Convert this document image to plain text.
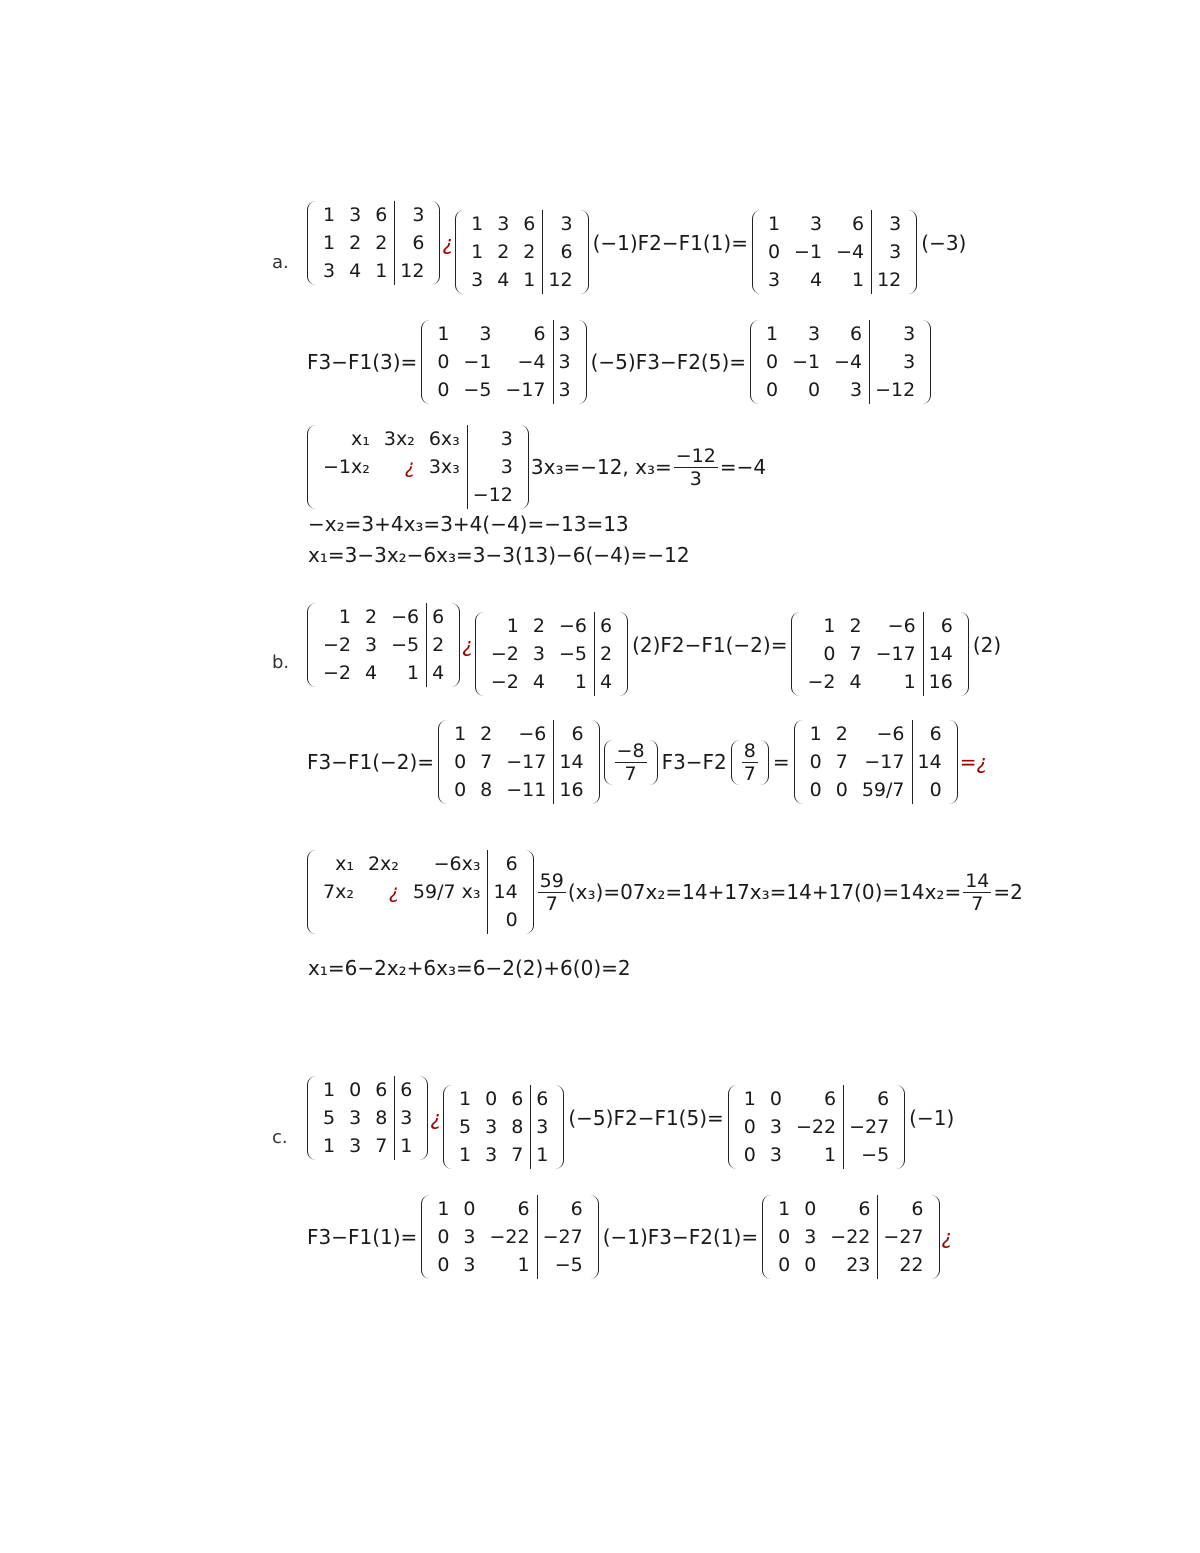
a.
1	3	6	3
1	2	2	6
3	4	1	12
¿
1	3	6	3
1	2	2	6
3	4	1	12
(−1)F2−F1(1)=
1	3	6	3
0	−1	−4	3
3	4	1	12
(−3)
F3−F1(3)=
1	3	6	3
0	−1	−4	3
0	−5	−17	3
(−5)F3−F2(5)=
1	3	6	3
0	−1	−4	3
0	0	3	−12
x₁	3x₂	6x₃	3
−1x₂	¿	3x₃	3
			−12
3x₃=−12, $x_3= \frac{-12}{3} =-4$
−x₂=3+4x₃=3+4(−4)=−13=13
x₁=3−3x₂−6x₃=3−3(13)−6(−4)=−12
b.
1	2	−6	6
−2	3	−5	2
−2	4	1	4
¿
1	2	−6	6
−2	3	−5	2
−2	4	1	4
(2)F2−F1(−2)=
1	2	−6	6
0	7	−17	14
−2	4	1	16
(2)
F3−F1(−2)=
1	2	−6	6
0	7	−17	14
0	8	−11	16
$\frac{-8}{7} F3-F2 \frac{8}{7}$ =
1	2	−6	6
0	7	−17	14
0	0	59/7	0
=¿
x₁	2x₂	−6x₃	6
7x₂	¿	59/7 x₃	14
			0
$\frac{59}{7} (x_3)=07x_2=14+17x_3=14+17(0)=14x_2= \frac{14}{7} =2$
x₁=6−2x₂+6x₃=6−2(2)+6(0)=2
c.
1	0	6	6
5	3	8	3
1	3	7	1
¿
1	0	6	6
5	3	8	3
1	3	7	1
(−5)F2−F1(5)=
1	0	6	6
0	3	−22	−27
0	3	1	−5
(−1)
F3−F1(1)=
1	0	6	6
0	3	−22	−27
0	3	1	−5
(−1)F3−F2(1)=
1	0	6	6
0	3	−22	−27
0	0	23	22
¿
